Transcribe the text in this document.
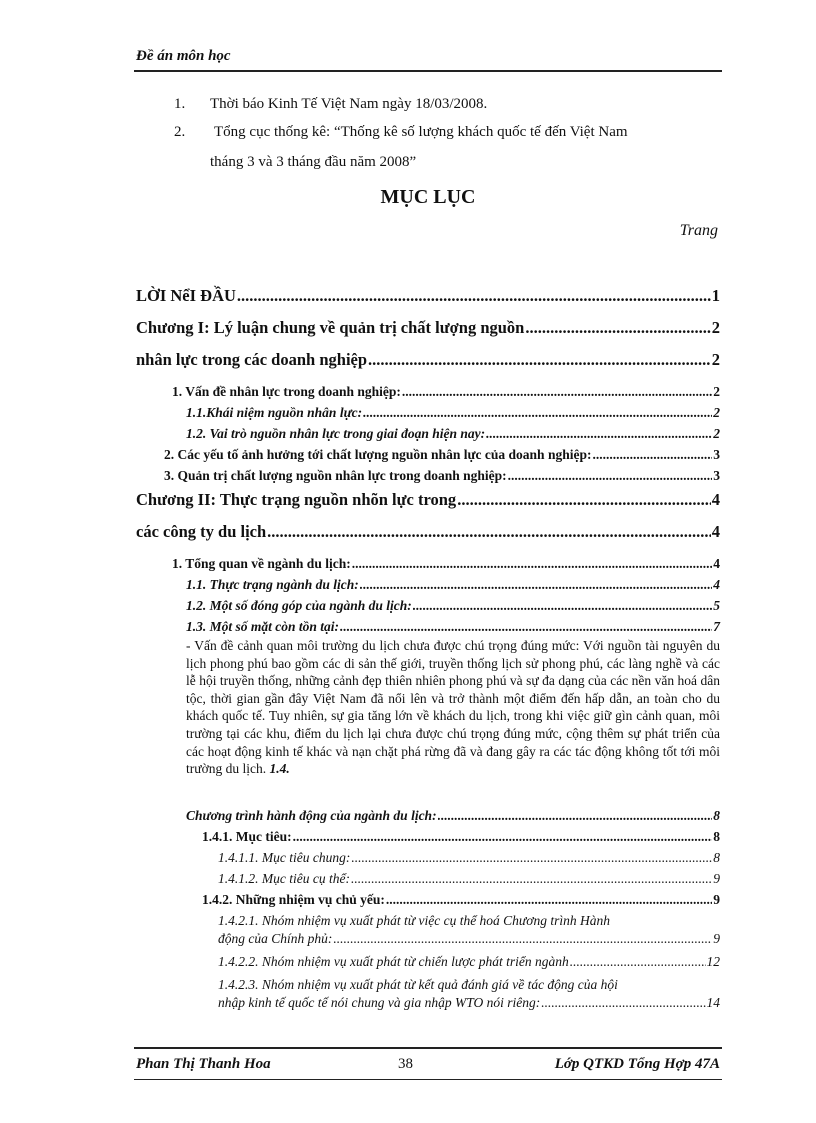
Đề án môn học
1. Thời báo Kinh Tế Việt Nam ngày 18/03/2008.
2. Tổng cục thống kê: “Thống kê số lượng khách quốc tế đến Việt Nam
tháng 3 và 3 tháng đầu năm 2008”
MỤC LỤC
Trang
LỜI NểI ĐẦU .....	1
Chương I: Lý luận chung về quản trị chất lượng nguồn .....	2
nhân lực trong các doanh nghiệp .....	2
1. Vấn đề nhân lực trong doanh nghiệp: .....	2
1.1.Khái niệm nguồn nhân lực: .....	2
1.2. Vai trò nguồn nhân lực trong giai đoạn hiện nay: .....	2
2. Các yếu tố ảnh hưởng tới chất lượng nguồn nhân lực của doanh nghiệp: .....	3
3. Quản trị chất lượng nguồn nhân lực trong doanh nghiệp: .....	3
Chương II: Thực trạng nguồn nhõn lực trong .....	4
các công ty du lịch .....	4
1. Tổng quan về ngành du lịch: .....	4
1.1. Thực trạng ngành du lịch: .....	4
1.2. Một số đóng góp của ngành du lịch: .....	5
1.3. Một số mặt còn tồn tại: .....	7
- Vấn đề cảnh quan môi trường du lịch chưa được chú trọng đúng mức: Với nguồn tài nguyên du lịch phong phú bao gồm các di sản thế giới, truyền thống lịch sử phong phú, các làng nghề và các lễ hội truyền thống, những cảnh đẹp thiên nhiên phong phú và sự đa dạng của các nền văn hoá dân tộc, thời gian gần đây Việt Nam đã nổi lên và trở thành một điểm đến hấp dẫn, an toàn cho du khách quốc tế. Tuy nhiên, sự gia tăng lớn về khách du lịch, trong khi việc giữ gìn cảnh quan, môi trường tại các khu, điểm du lịch lại chưa được chú trọng đúng mức, cộng thêm sự phát triển của các hoạt động kinh tế khác và nạn chặt phá rừng đã và đang gây ra các tác động không tốt tới môi trường du lịch. 1.4.
Chương trình hành động của ngành du lịch: .....	8
1.4.1. Mục tiêu: .....	8
1.4.1.1. Mục tiêu chung: .....	8
1.4.1.2. Mục tiêu cụ thể: .....	9
1.4.2. Những nhiệm vụ chủ yếu: .....	9
1.4.2.1. Nhóm nhiệm vụ xuất phát từ việc cụ thể hoá Chương trình Hành
động của Chính phủ: .....	9
1.4.2.2. Nhóm nhiệm vụ xuất phát từ chiến lược phát triển ngành .....	12
1.4.2.3. Nhóm nhiệm vụ xuất phát từ kết quả đánh giá về tác động của hội
nhập kinh tế quốc tế nói chung và gia nhập WTO nói riêng: .....	14
Phan Thị Thanh Hoa	38	Lớp QTKD Tổng Hợp 47A
